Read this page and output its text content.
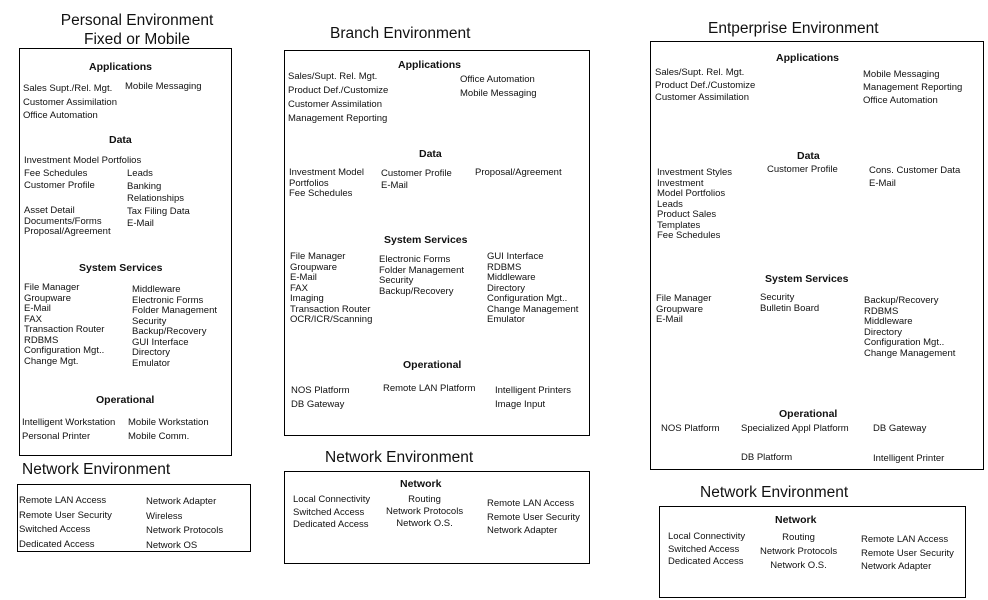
Personal Environment
Fixed or Mobile
Applications
Sales Supt./Rel. Mgt.
Customer Assimilation
Office Automation
Mobile Messaging
Data
Investment Model Portfolios
Fee Schedules
Customer Profile
Leads
Banking
Relationships
Tax Filing Data
E-Mail
Asset Detail
Documents/Forms
Proposal/Agreement
System Services
File Manager
Groupware
E-Mail
FAX
Transaction Router
RDBMS
Configuration Mgt..
Change Mgt.
Middleware
Electronic Forms
Folder Management
Security
Backup/Recovery
GUI Interface
Directory
Emulator
Operational
Intelligent Workstation
Personal Printer
Mobile Workstation
Mobile Comm.
Network Environment
Remote LAN Access
Remote User Security
Switched Access
Dedicated Access
Network Adapter
Wireless
Network Protocols
Network OS
Branch Environment
Applications
Sales/Supt. Rel. Mgt.
Product Def./Customize
Customer Assimilation
Management Reporting
Office Automation
Mobile Messaging
Data
Investment Model
Portfolios
Fee Schedules
Customer Profile
E-Mail
Proposal/Agreement
System Services
File Manager
Groupware
E-Mail
FAX
Imaging
Transaction Router
OCR/ICR/Scanning
Electronic Forms
Folder Management
Security
Backup/Recovery
GUI Interface
RDBMS
Middleware
Directory
Configuration Mgt..
Change Management
Emulator
Operational
NOS Platform
DB Gateway
Remote LAN Platform Intelligent Printers
Image Input
Network Environment
Network
Local Connectivity
Switched Access
Dedicated Access
Routing
Network Protocols
Network O.S.
Remote LAN Access
Remote User Security
Network Adapter
Entperprise Environment
Applications
Sales/Supt. Rel. Mgt.
Product Def./Customize
Customer Assimilation
Mobile Messaging
Management Reporting
Office Automation
Data
Investment Styles
Investment
Model Portfolios
Leads
Product Sales
Templates
Fee Schedules
Customer Profile	Cons. Customer Data
E-Mail
System Services
File Manager
Groupware
E-Mail
Security
Bulletin Board
Backup/Recovery
RDBMS
Middleware
Directory
Configuration Mgt..
Change Management
Operational
NOS Platform Specialized Appl Platform	DB Gateway
DB Platform	Intelligent Printer
Network Environment
Network
Local Connectivity
Switched Access
Dedicated Access
Routing
Network Protocols
Network O.S.
Remote LAN Access
Remote User Security
Network Adapter
